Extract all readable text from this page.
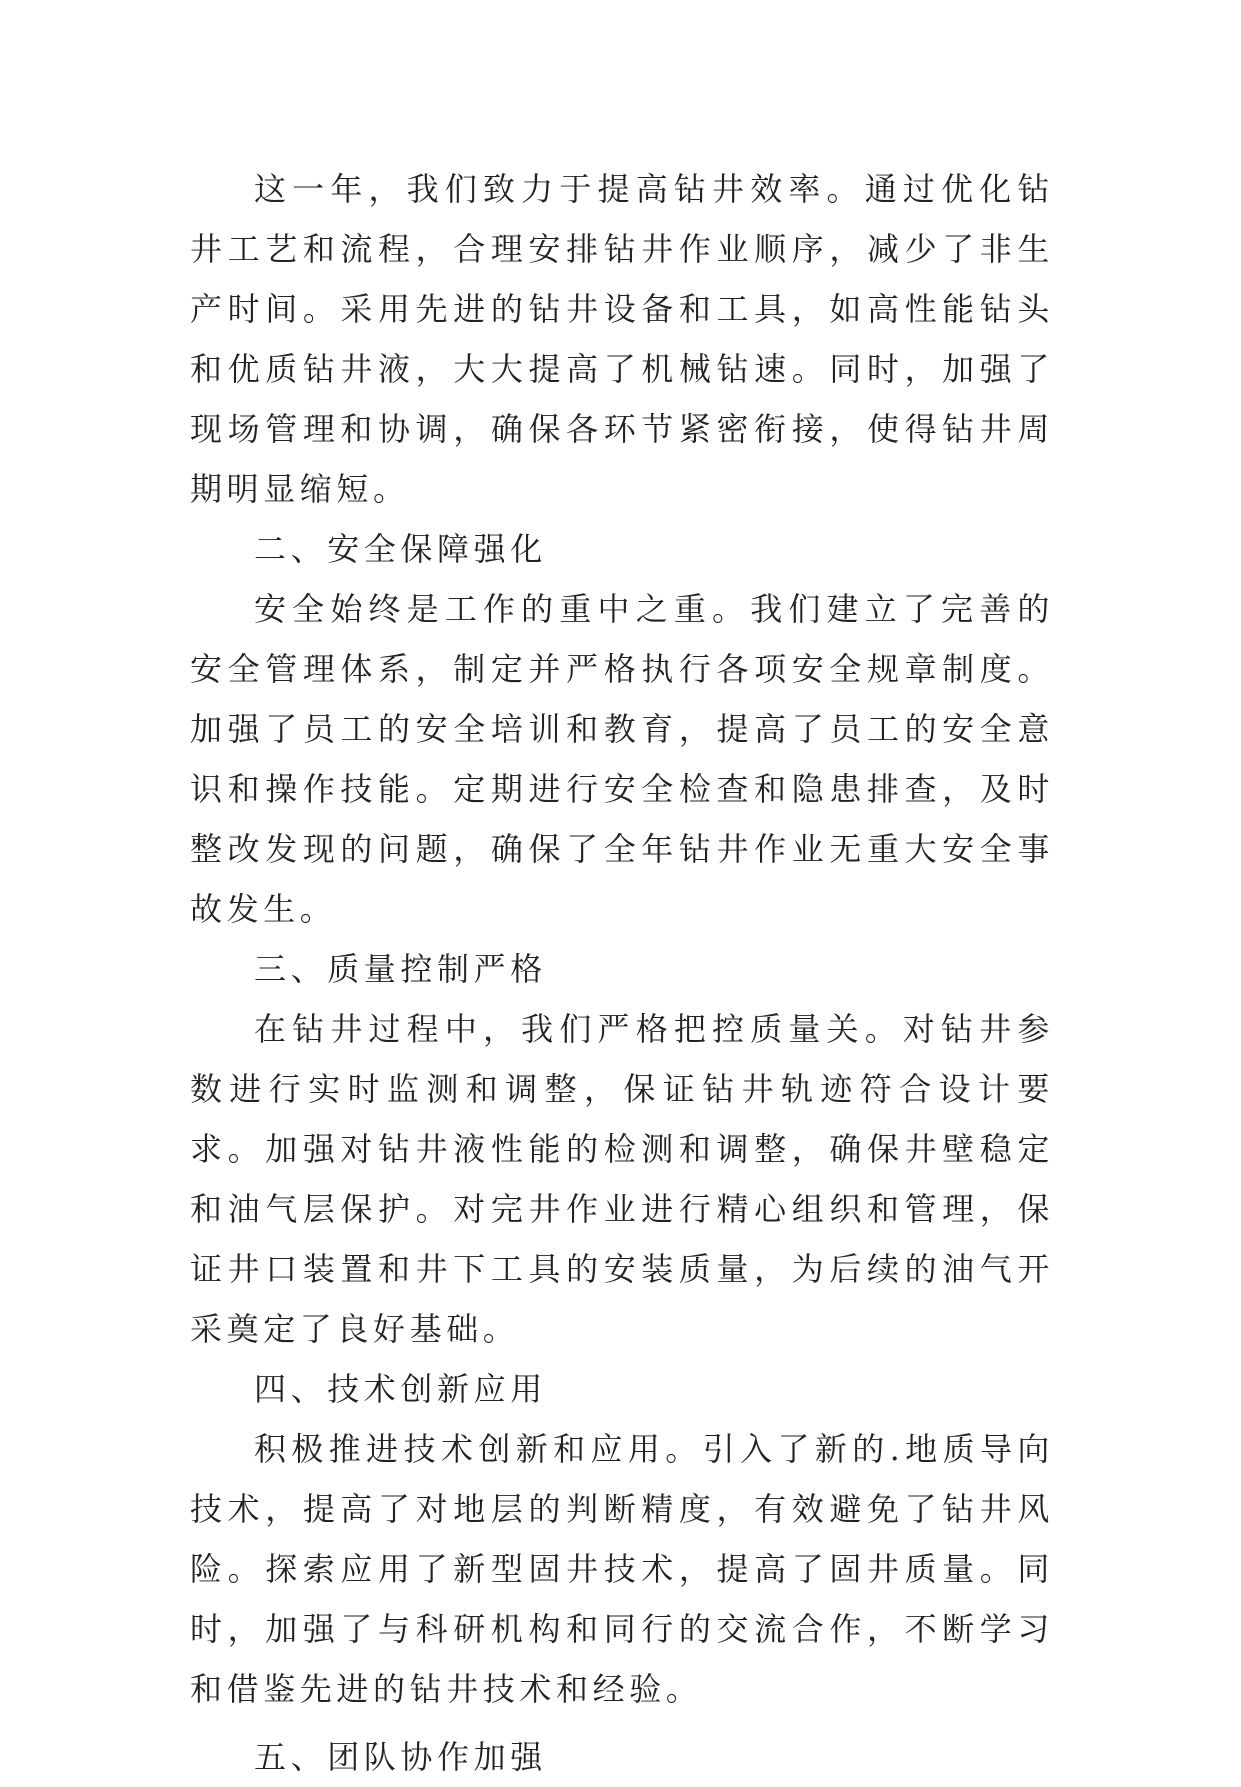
这一年，我们致力于提高钻井效率。通过优化钻井工艺和流程，合理安排钻井作业顺序，减少了非生产时间。采用先进的钻井设备和工具，如高性能钻头和优质钻井液，大大提高了机械钻速。同时，加强了现场管理和协调，确保各环节紧密衔接，使得钻井周期明显缩短。

二、安全保障强化

安全始终是工作的重中之重。我们建立了完善的安全管理体系，制定并严格执行各项安全规章制度。加强了员工的安全培训和教育，提高了员工的安全意识和操作技能。定期进行安全检查和隐患排查，及时整改发现的问题，确保了全年钻井作业无重大安全事故发生。

三、质量控制严格

在钻井过程中，我们严格把控质量关。对钻井参数进行实时监测和调整，保证钻井轨迹符合设计要求。加强对钻井液性能的检测和调整，确保井壁稳定和油气层保护。对完井作业进行精心组织和管理，保证井口装置和井下工具的安装质量，为后续的油气开采奠定了良好基础。

四、技术创新应用

积极推进技术创新和应用。引入了新的.地质导向技术，提高了对地层的判断精度，有效避免了钻井风险。探索应用了新型固井技术，提高了固井质量。同时，加强了与科研机构和同行的交流合作，不断学习和借鉴先进的钻井技术和经验。

五、团队协作加强
